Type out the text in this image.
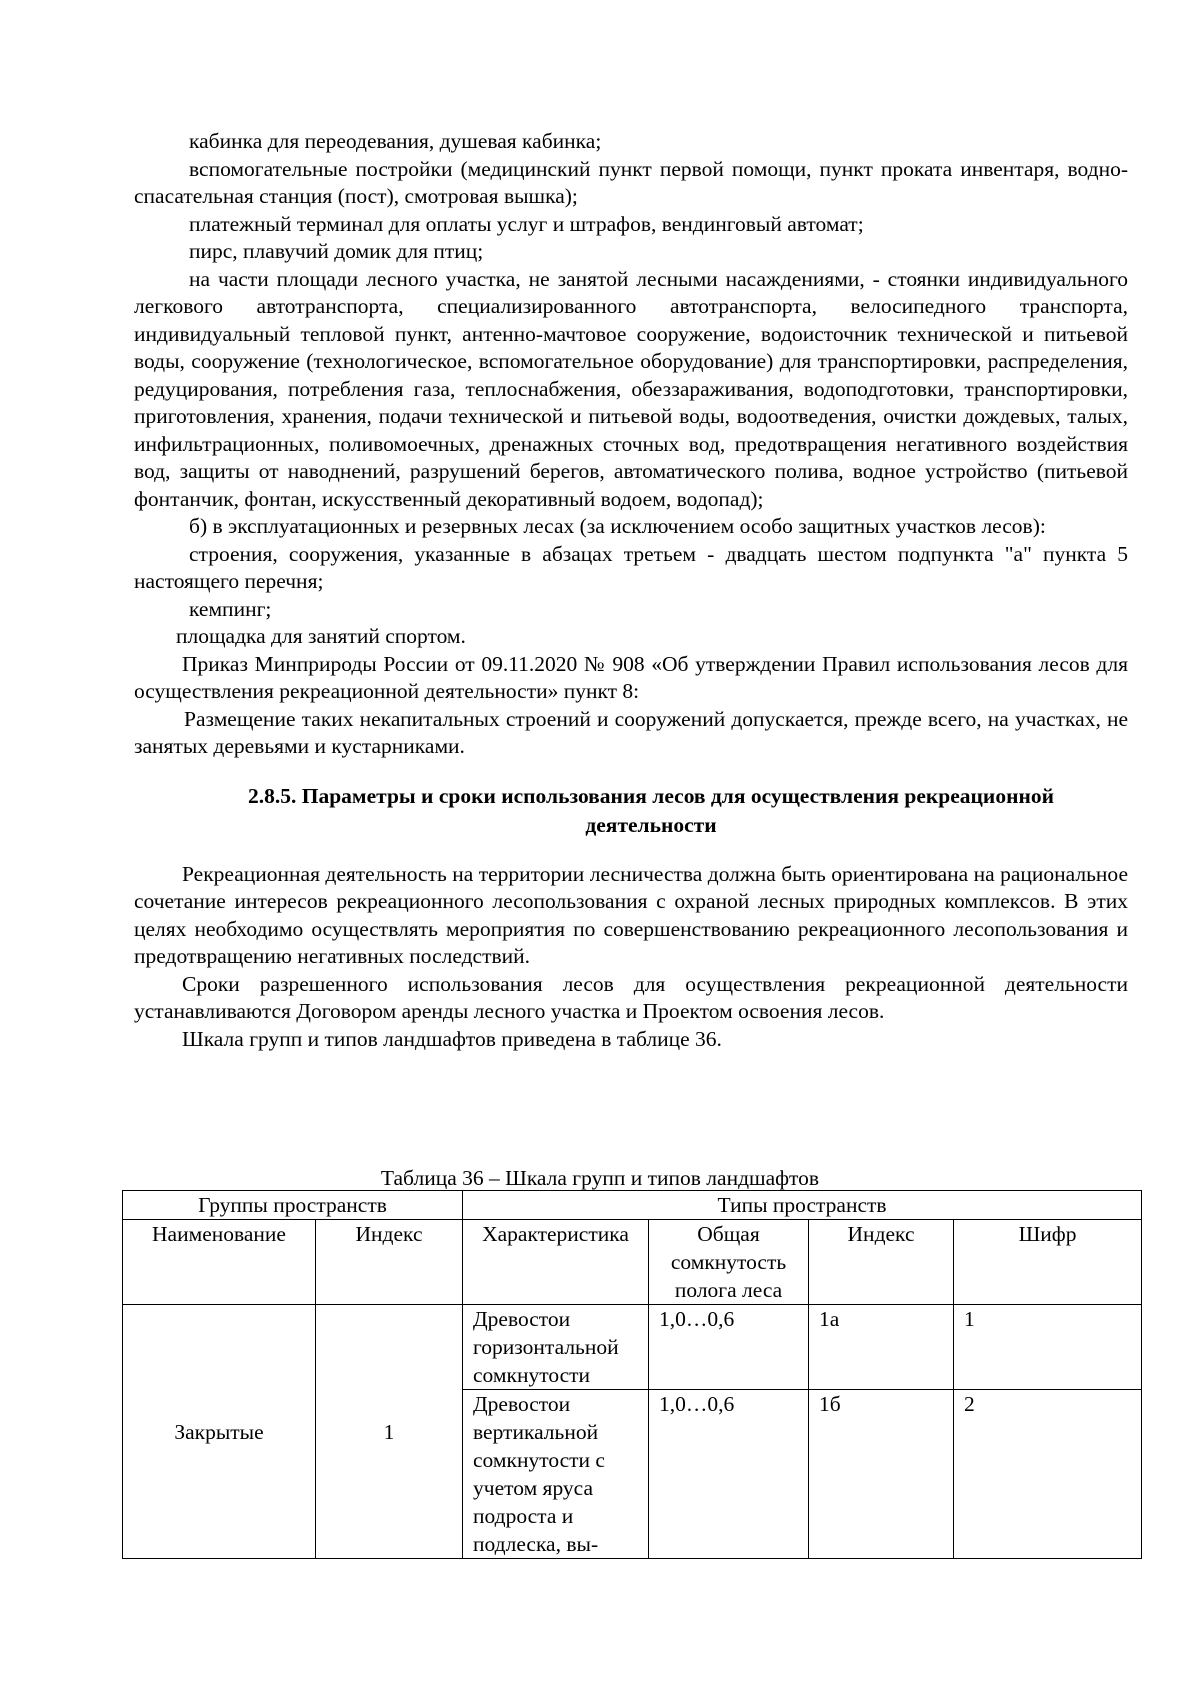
кабинка для переодевания, душевая кабинка;

вспомогательные постройки (медицинский пункт первой помощи, пункт проката инвентаря, водно-спасательная станция (пост), смотровая вышка);

платежный терминал для оплаты услуг и штрафов, вендинговый автомат;

пирс, плавучий домик для птиц;

на части площади лесного участка, не занятой лесными насаждениями, - стоянки индивидуального легкового автотранспорта, специализированного автотранспорта, велосипедного транспорта, индивидуальный тепловой пункт, антенно-мачтовое сооружение, водоисточник технической и питьевой воды, сооружение (технологическое, вспомогательное оборудование) для транспортировки, распределения, редуцирования, потребления газа, теплоснабжения, обеззараживания, водоподготовки, транспортировки, приготовления, хранения, подачи технической и питьевой воды, водоотведения, очистки дождевых, талых, инфильтрационных, поливомоечных, дренажных сточных вод, предотвращения негативного воздействия вод, защиты от наводнений, разрушений берегов, автоматического полива, водное устройство (питьевой фонтанчик, фонтан, искусственный декоративный водоем, водопад);

б) в эксплуатационных и резервных лесах (за исключением особо защитных участков лесов):

строения, сооружения, указанные в абзацах третьем - двадцать шестом подпункта "а" пункта 5 настоящего перечня;

кемпинг;

площадка для занятий спортом.

Приказ Минприроды России от 09.11.2020 № 908 «Об утверждении Правил использования лесов для осуществления рекреационной деятельности» пункт 8:

Размещение таких некапитальных строений и сооружений допускается, прежде всего, на участках, не занятых деревьями и кустарниками.

2.8.5. Параметры и сроки использования лесов для осуществления рекреационной
деятельности

Рекреационная деятельность на территории лесничества должна быть ориентирована на рациональное сочетание интересов рекреационного лесопользования с охраной лесных природных комплексов. В этих целях необходимо осуществлять мероприятия по совершенствованию рекреационного лесопользования и предотвращению негативных последствий.

Сроки разрешенного использования лесов для осуществления рекреационной деятельности устанавливаются Договором аренды лесного участка и Проектом освоения лесов.

Шкала групп и типов ландшафтов приведена в таблице 36.

Таблица 36 – Шкала групп и типов ландшафтов
Группы пространств		Типы пространств			
Наименование	Индекс	Характеристика	Общая сомкнутость полога леса	Индекс	Шифр
Закрытые	1	Древостои горизонтальной сомкнутости	1,0…0,6	1а	1
		Древостои вертикальной сомкнутости с учетом яруса подроста и подлеска, вы-	1,0…0,6	1б	2
